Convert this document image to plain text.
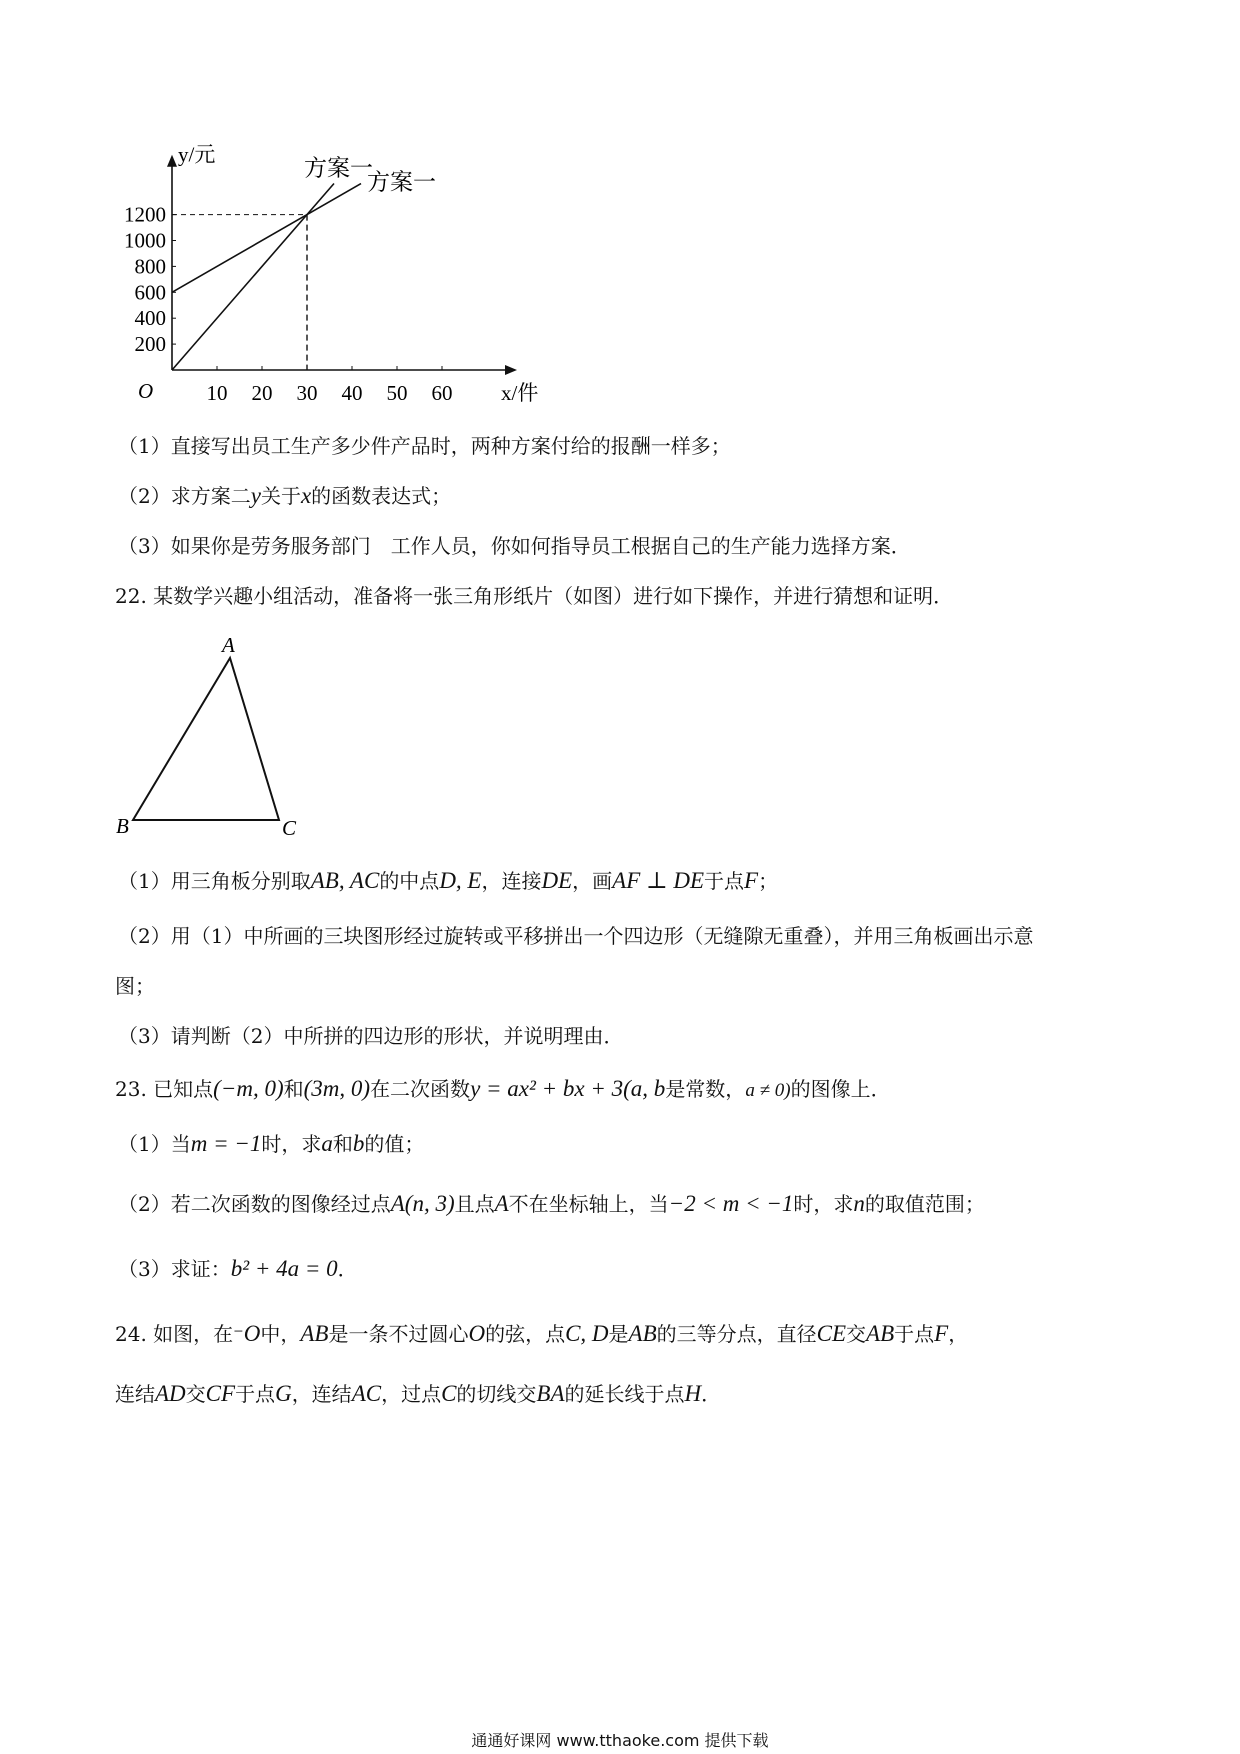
10 20 30 40 50 60
200
400
600
800
1000
1200
O	x/件
y/元
方案一
方案一
（1）直接写出员工生产多少件产品时，两种方案付给的报酬一样多；
（2）求方案二y关于x的函数表达式；
（3）如果你是劳务服务部门　工作人员，你如何指导员工根据自己的生产能力选择方案．
22. 某数学兴趣小组活动，准备将一张三角形纸片（如图）进行如下操作，并进行猜想和证明．
A
B	C
（1）用三角板分别取AB, AC的中点D, E，连接DE，画AF ⊥ DE于点F；
（2）用（1）中所画的三块图形经过旋转或平移拼出一个四边形（无缝隙无重叠），并用三角板画出示意
图；
（3）请判断（2）中所拼的四边形的形状，并说明理由．
23. 已知点(−m, 0)和(3m, 0)在二次函数y = ax² + bx + 3(a, b是常数，a ≠ 0)的图像上．
（1）当m = −1时，求a和b的值；
（2）若二次函数的图像经过点A(n, 3)且点A不在坐标轴上，当−2 < m < −1时，求n的取值范围；
（3）求证：b² + 4a = 0．
24. 如图，在⁻O中，AB是一条不过圆心O的弦，点C, D是AB的三等分点，直径CE交AB于点F，
连结AD交CF于点G，连结AC，过点C的切线交BA的延长线于点H．
通通好课网 www.tthaoke.com 提供下载
